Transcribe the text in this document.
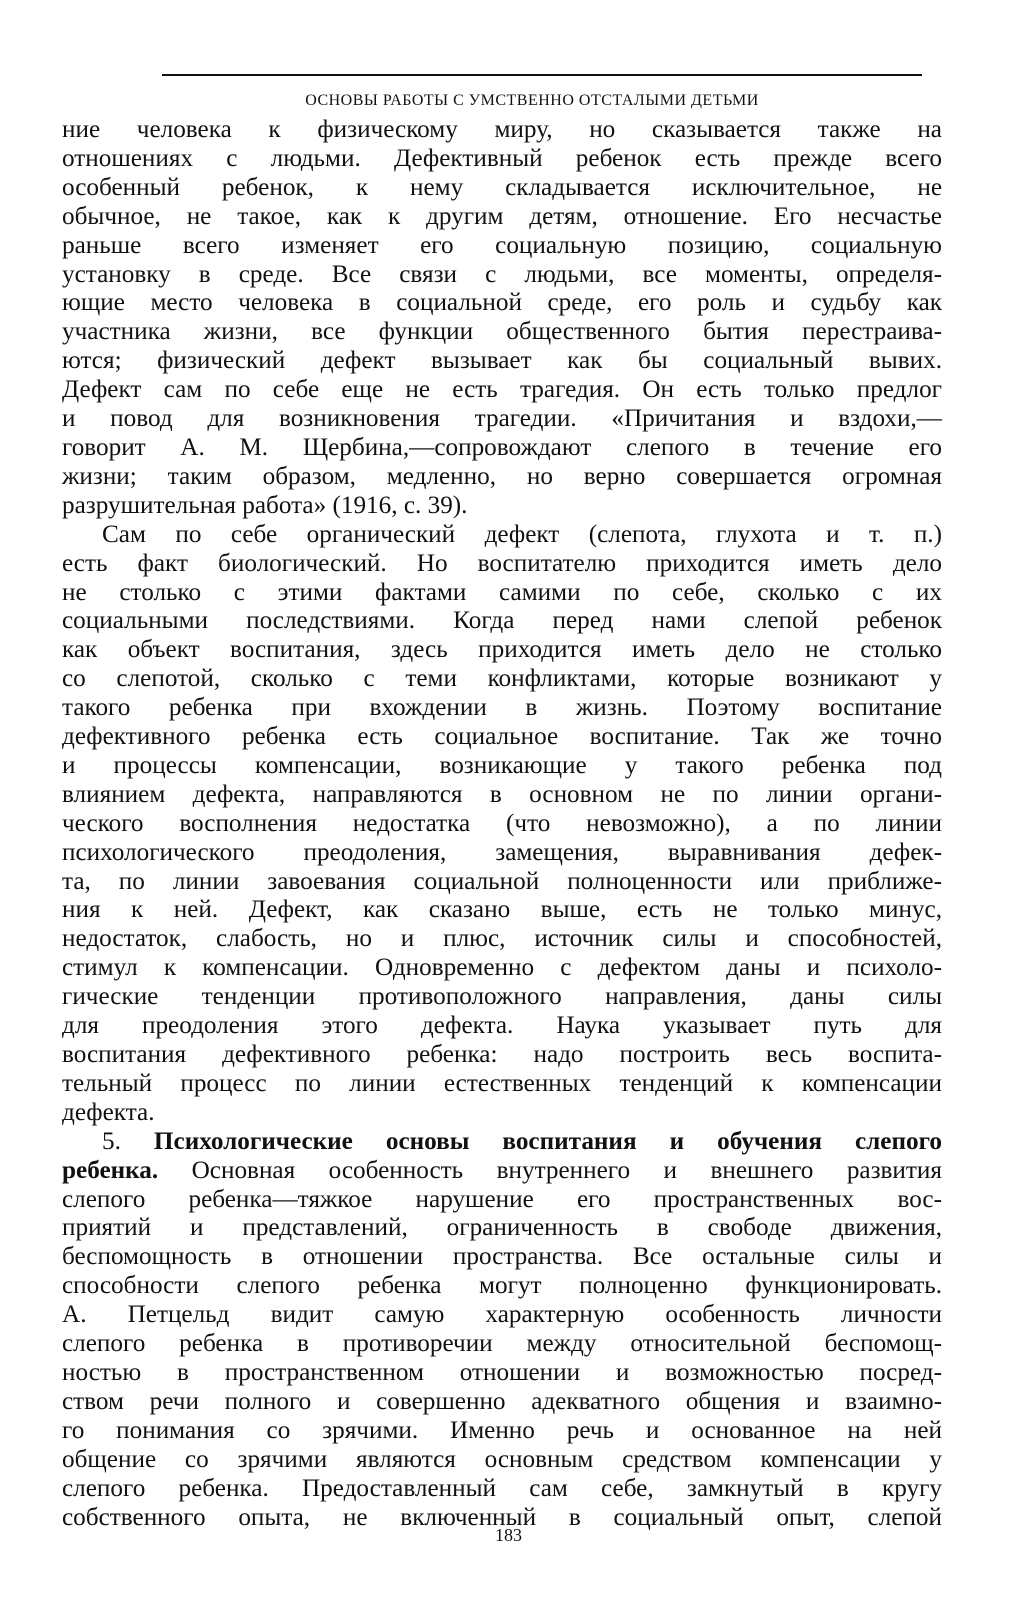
ОСНОВЫ РАБОТЫ С УМСТВЕННО ОТСТАЛЫМИ ДЕТЬМИ
ние человека к физическому миру, но сказывается также на
отношениях с людьми. Дефективный ребенок есть прежде всего
особенный ребенок, к нему складывается исключительное, не
обычное, не такое, как к другим детям, отношение. Его несчастье
раньше всего изменяет его социальную позицию, социальную
установку в среде. Все связи с людьми, все моменты, определя-
ющие место человека в социальной среде, его роль и судьбу как
участника жизни, все функции общественного бытия перестраива-
ются; физический дефект вызывает как бы социальный вывих.
Дефект сам по себе еще не есть трагедия. Он есть только предлог
и повод для возникновения трагедии. «Причитания и вздохи,—
говорит А. М. Щербина,—сопровождают слепого в течение его
жизни; таким образом, медленно, но верно совершается огромная
разрушительная работа» (1916, с. 39).
Сам по себе органический дефект (слепота, глухота и т. п.)
есть факт биологический. Но воспитателю приходится иметь дело
не столько с этими фактами самими по себе, сколько с их
социальными последствиями. Когда перед нами слепой ребенок
как объект воспитания, здесь приходится иметь дело не столько
со слепотой, сколько с теми конфликтами, которые возникают у
такого ребенка при вхождении в жизнь. Поэтому воспитание
дефективного ребенка есть социальное воспитание. Так же точно
и процессы компенсации, возникающие у такого ребенка под
влиянием дефекта, направляются в основном не по линии органи-
ческого восполнения недостатка (что невозможно), а по линии
психологического преодоления, замещения, выравнивания дефек-
та, по линии завоевания социальной полноценности или приближе-
ния к ней. Дефект, как сказано выше, есть не только минус,
недостаток, слабость, но и плюс, источник силы и способностей,
стимул к компенсации. Одновременно с дефектом даны и психоло-
гические тенденции противоположного направления, даны силы
для преодоления этого дефекта. Наука указывает путь для
воспитания дефективного ребенка: надо построить весь воспита-
тельный процесс по линии естественных тенденций к компенсации
дефекта.
5. Психологические основы воспитания и обучения слепого
ребенка. Основная особенность внутреннего и внешнего развития
слепого ребенка—тяжкое нарушение его пространственных вос-
приятий и представлений, ограниченность в свободе движения,
беспомощность в отношении пространства. Все остальные силы и
способности слепого ребенка могут полноценно функционировать.
А. Петцельд видит самую характерную особенность личности
слепого ребенка в противоречии между относительной беспомощ-
ностью в пространственном отношении и возможностью посред-
ством речи полного и совершенно адекватного общения и взаимно-
го понимания со зрячими. Именно речь и основанное на ней
общение со зрячими являются основным средством компенсации у
слепого ребенка. Предоставленный сам себе, замкнутый в кругу
собственного опыта, не включенный в социальный опыт, слепой
183
